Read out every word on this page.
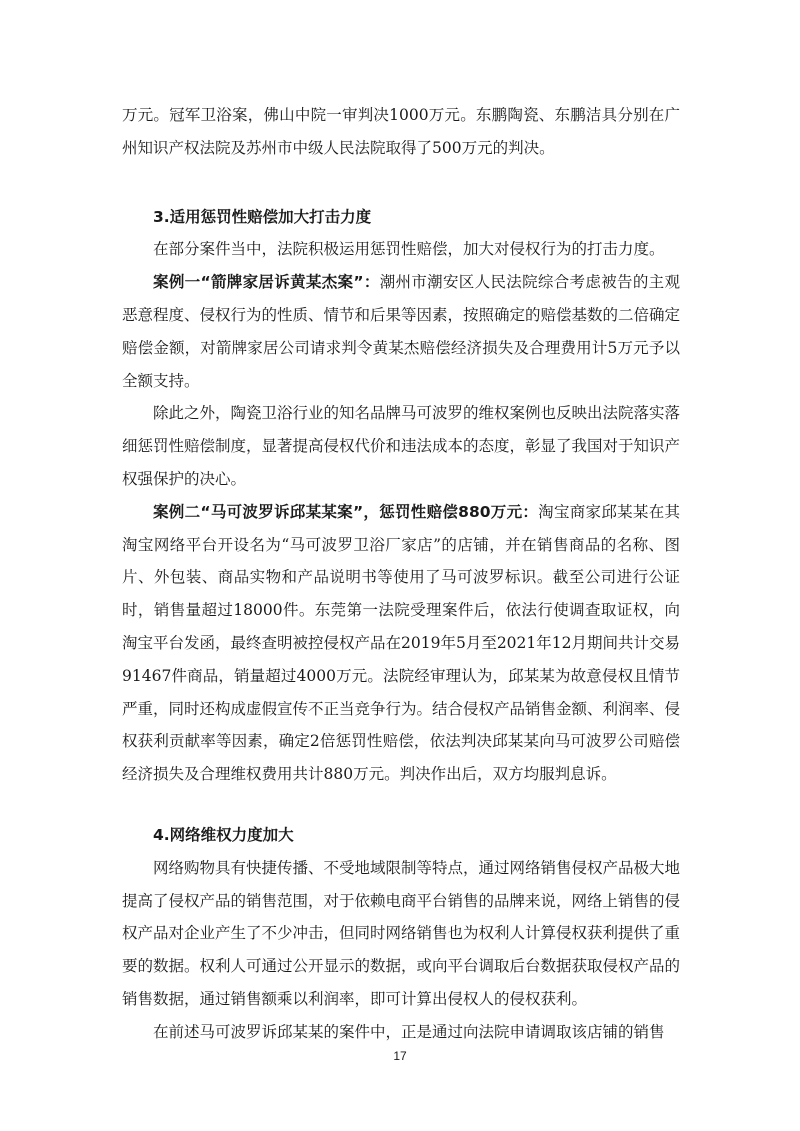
万元。冠军卫浴案，佛山中院一审判决1000万元。东鹏陶瓷、东鹏洁具分别在广州知识产权法院及苏州市中级人民法院取得了500万元的判决。

3.适用惩罚性赔偿加大打击力度

在部分案件当中，法院积极运用惩罚性赔偿，加大对侵权行为的打击力度。

案例一“箭牌家居诉黄某杰案”：潮州市潮安区人民法院综合考虑被告的主观恶意程度、侵权行为的性质、情节和后果等因素，按照确定的赔偿基数的二倍确定赔偿金额，对箭牌家居公司请求判令黄某杰赔偿经济损失及合理费用计5万元予以全额支持。

除此之外，陶瓷卫浴行业的知名品牌马可波罗的维权案例也反映出法院落实落细惩罚性赔偿制度，显著提高侵权代价和违法成本的态度，彰显了我国对于知识产权强保护的决心。

案例二“马可波罗诉邱某某案”，惩罚性赔偿880万元：淘宝商家邱某某在其淘宝网络平台开设名为“马可波罗卫浴厂家店”的店铺，并在销售商品的名称、图片、外包装、商品实物和产品说明书等使用了马可波罗标识。截至公司进行公证时，销售量超过18000件。东莞第一法院受理案件后，依法行使调查取证权，向淘宝平台发函，最终查明被控侵权产品在2019年5月至2021年12月期间共计交易91467件商品，销量超过4000万元。法院经审理认为，邱某某为故意侵权且情节严重，同时还构成虚假宣传不正当竞争行为。结合侵权产品销售金额、利润率、侵权获利贡献率等因素，确定2倍惩罚性赔偿，依法判决邱某某向马可波罗公司赔偿经济损失及合理维权费用共计880万元。判决作出后，双方均服判息诉。

4.网络维权力度加大

网络购物具有快捷传播、不受地域限制等特点，通过网络销售侵权产品极大地提高了侵权产品的销售范围，对于依赖电商平台销售的品牌来说，网络上销售的侵权产品对企业产生了不少冲击，但同时网络销售也为权利人计算侵权获利提供了重要的数据。权利人可通过公开显示的数据，或向平台调取后台数据获取侵权产品的销售数据，通过销售额乘以利润率，即可计算出侵权人的侵权获利。

在前述马可波罗诉邱某某的案件中，正是通过向法院申请调取该店铺的销售

17
